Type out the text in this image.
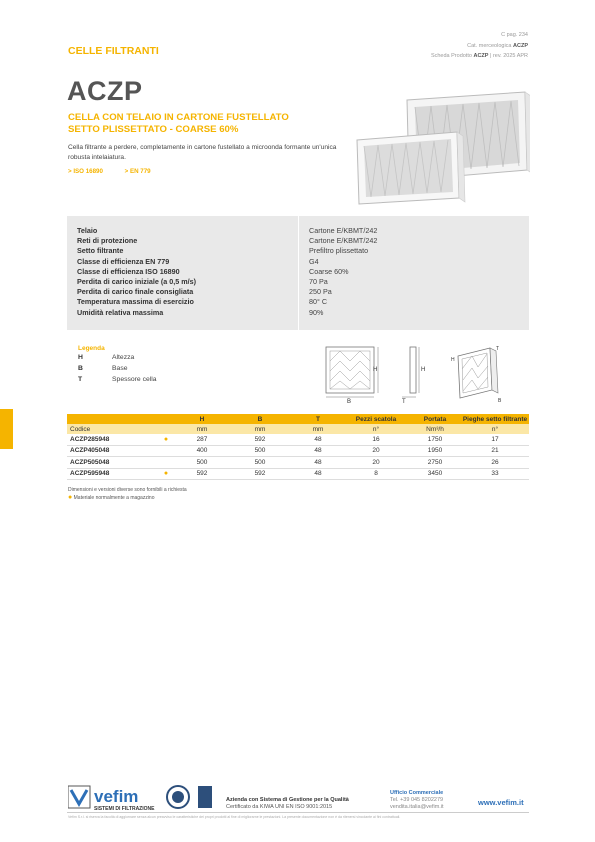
CELLE FILTRANTI
C pag. 234
Cat. merceologica ACZP
Scheda Prodotto ACZP | rev. 2025 APR
ACZP
CELLA CON TELAIO IN CARTONE FUSTELLATO
SETTO PLISSETTATO - COARSE 60%
Cella filtrante a perdere, completamente in cartone fustellato a microonda formante un'unica robusta intelaiatura.
> ISO 16890	> EN 779
Telaio	Cartone E/KBMT/242
Reti di protezione	Cartone E/KBMT/242
Setto filtrante	Prefiltro plissettato
Classe di efficienza EN 779	G4
Classe di efficienza ISO 16890	Coarse 60%
Perdita di carico iniziale (a 0,5 m/s)	70 Pa
Perdita di carico finale consigliata	250 Pa
Temperatura massima di esercizio	80° C
Umidità relativa massima	90%
Legenda
H	Altezza
B	Base
T	Spessore cella
H
B
H
T
H
T
B
		H	B	T	Pezzi scatola	Portata	Pieghe setto filtrante
Codice		mm	mm	mm	n°	Nm³/h	n°
ACZP285948	●	287	592	48	16	1750	17
ACZP405048		400	500	48	20	1950	21
ACZP505048		500	500	48	20	2750	26
ACZP595948	●	592	592	48	8	3450	33
Dimensioni e versioni diverse sono fornibili a richiesta
● Materiale normalmente a magazzino
vefim
SISTEMI DI FILTRAZIONE
Azienda con Sistema di Gestione per la Qualità
Certificato da KIWA UNI EN ISO 9001:2015
Ufficio Commerciale
Tel. +39 045 8202279
vendita.italia@vefim.it	www.vefim.it
Vefim S.r.l. si riserva la facoltà di aggiornare senza alcun preavviso le caratteristiche dei propri prodotti al fine di migliorarne le prestazioni. La presente documentazione non è da ritenersi vincolante ai fini contrattuali.
